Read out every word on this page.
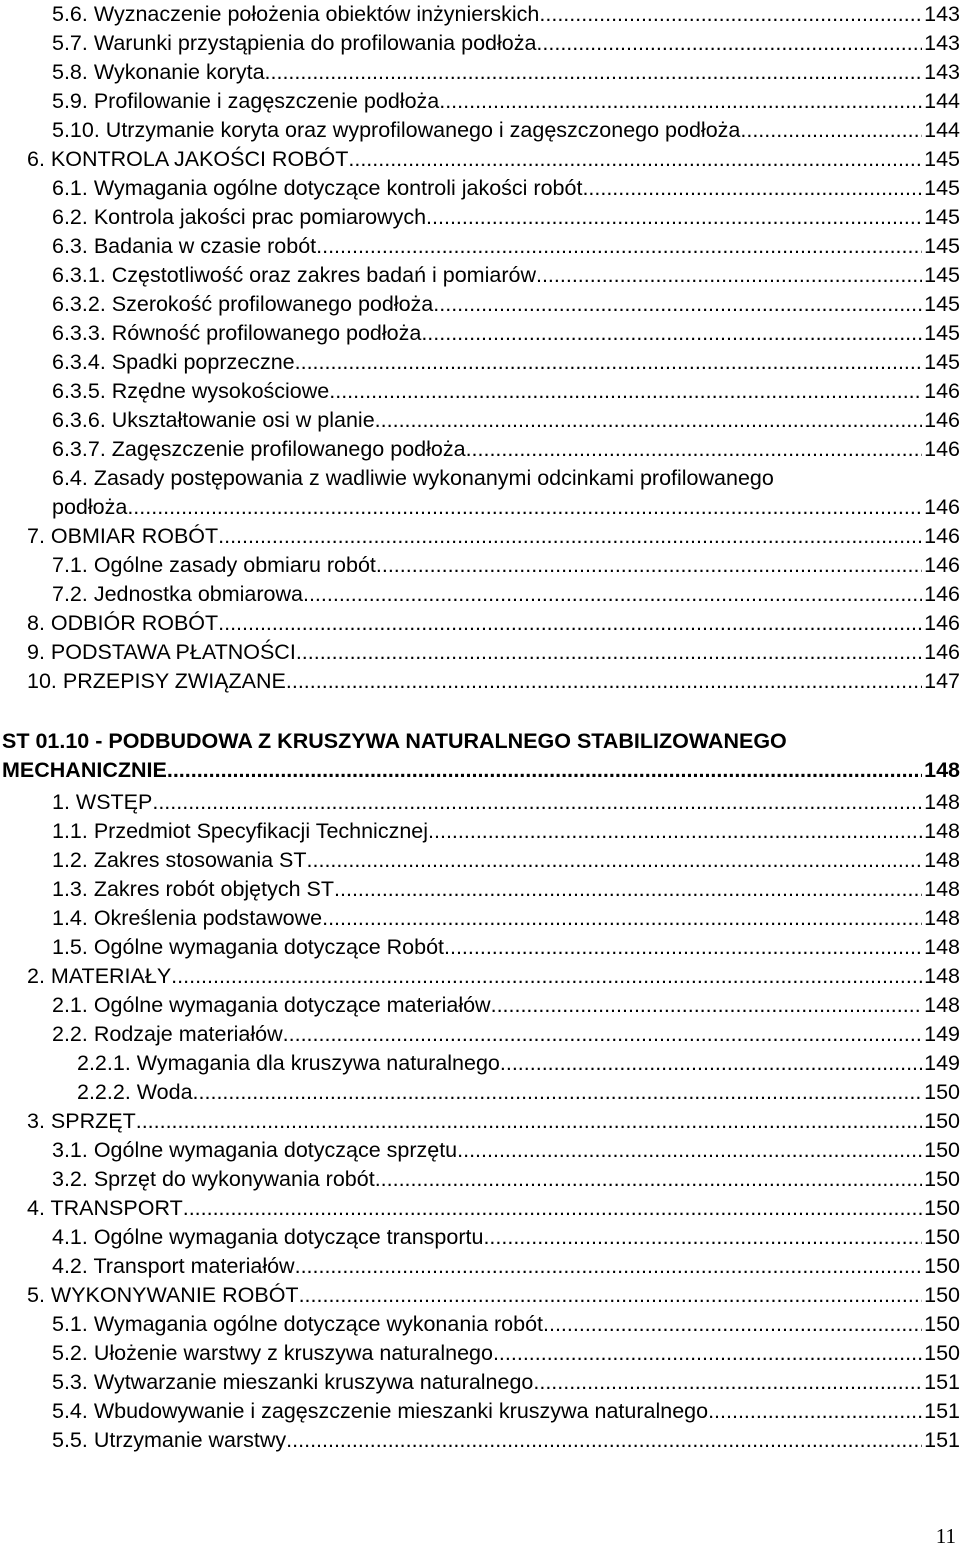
5.6. Wyznaczenie położenia obiektów inżynierskich .....	143
5.7. Warunki przystąpienia do profilowania podłoża .....	143
5.8. Wykonanie koryta .....	143
5.9. Profilowanie i zagęszczenie podłoża .....	144
5.10. Utrzymanie koryta oraz wyprofilowanego i zagęszczonego podłoża .....	144
6. KONTROLA JAKOŚCI ROBÓT .....	145
6.1. Wymagania ogólne dotyczące kontroli jakości robót .....	145
6.2. Kontrola jakości prac pomiarowych .....	145
6.3. Badania w czasie robót .....	145
6.3.1. Częstotliwość oraz zakres badań i pomiarów .....	145
6.3.2. Szerokość profilowanego podłoża .....	145
6.3.3. Równość profilowanego podłoża .....	145
6.3.4. Spadki poprzeczne .....	145
6.3.5. Rzędne wysokościowe .....	146
6.3.6. Ukształtowanie osi w planie .....	146
6.3.7. Zagęszczenie profilowanego podłoża .....	146
6.4. Zasady postępowania z wadliwie wykonanymi odcinkami profilowanego
podłoża .....	146
7. OBMIAR ROBÓT .....	146
7.1. Ogólne zasady obmiaru robót .....	146
7.2. Jednostka obmiarowa .....	146
8. ODBIÓR ROBÓT .....	146
9. PODSTAWA PŁATNOŚCI .....	146
10. PRZEPISY ZWIĄZANE .....	147
ST 01.10 - PODBUDOWA Z KRUSZYWA NATURALNEGO STABILIZOWANEGO
MECHANICZNIE .....	148
1. WSTĘP .....	148
1.1. Przedmiot Specyfikacji Technicznej .....	148
1.2. Zakres stosowania ST .....	148
1.3. Zakres robót objętych ST .....	148
1.4. Określenia podstawowe .....	148
1.5. Ogólne wymagania dotyczące Robót .....	148
2. MATERIAŁY .....	148
2.1. Ogólne wymagania dotyczące materiałów .....	148
2.2. Rodzaje materiałów .....	149
2.2.1. Wymagania dla kruszywa naturalnego .....	149
2.2.2. Woda .....	150
3. SPRZĘT .....	150
3.1. Ogólne wymagania dotyczące sprzętu .....	150
3.2. Sprzęt do wykonywania robót .....	150
4. TRANSPORT .....	150
4.1. Ogólne wymagania dotyczące transportu .....	150
4.2. Transport materiałów .....	150
5. WYKONYWANIE ROBÓT .....	150
5.1. Wymagania ogólne dotyczące wykonania robót .....	150
5.2. Ułożenie warstwy z kruszywa naturalnego .....	150
5.3. Wytwarzanie mieszanki kruszywa naturalnego .....	151
5.4. Wbudowywanie i zagęszczenie mieszanki kruszywa naturalnego .....	151
5.5. Utrzymanie warstwy .....	151
11
